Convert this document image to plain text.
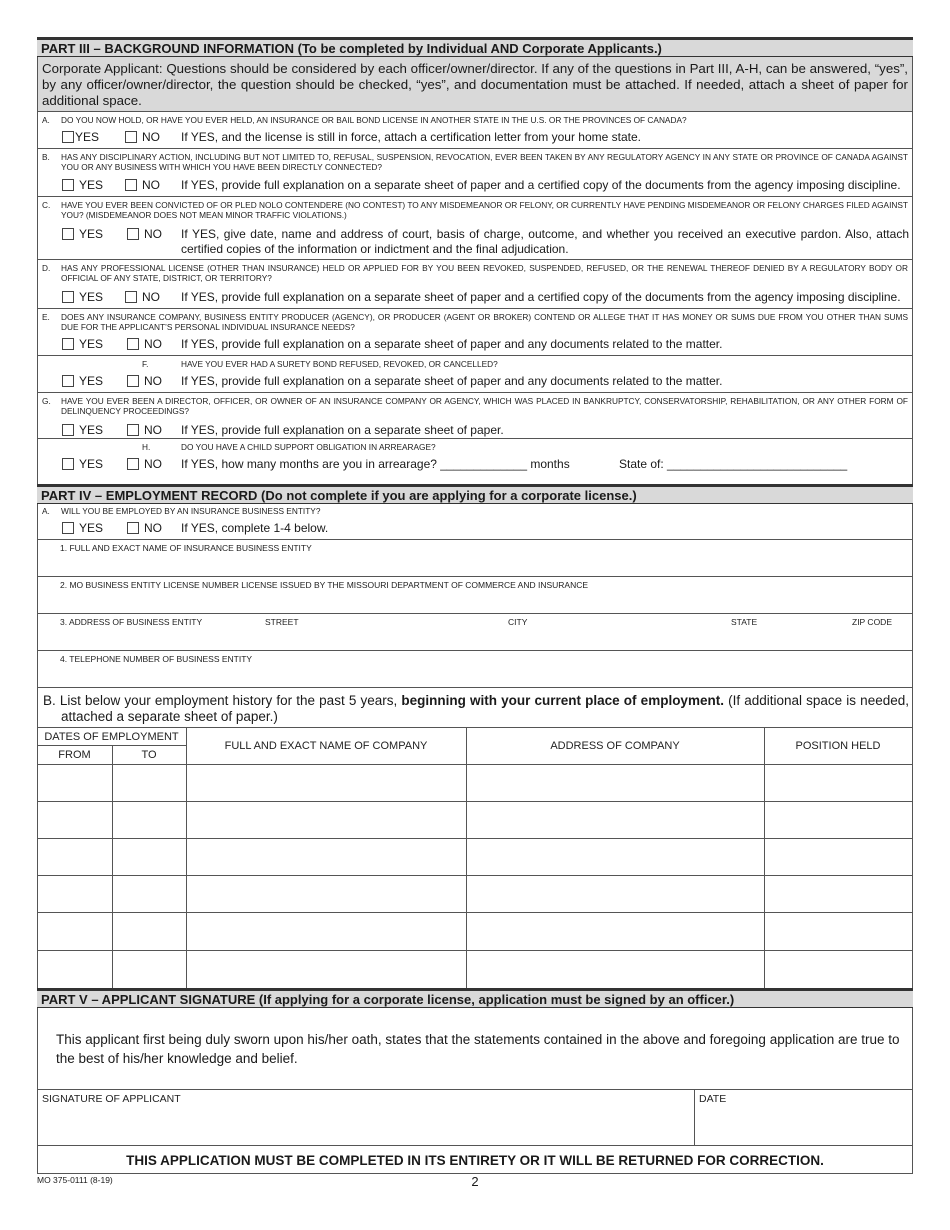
PART III – BACKGROUND INFORMATION (To be completed by Individual AND Corporate Applicants.)
Corporate Applicant: Questions should be considered by each officer/owner/director. If any of the questions in Part III, A-H, can be answered, “yes”, by any officer/owner/director, the question should be checked, “yes”, and documentation must be attached. If needed, attach a sheet of paper for additional space.
A. DO YOU NOW HOLD, OR HAVE YOU EVER HELD, AN INSURANCE OR BAIL BOND LICENSE IN ANOTHER STATE IN THE U.S. OR THE PROVINCES OF CANADA?
YES	NO If YES, and the license is still in force, attach a certification letter from your home state.
B. HAS ANY DISCIPLINARY ACTION, INCLUDING BUT NOT LIMITED TO, REFUSAL, SUSPENSION, REVOCATION, EVER BEEN TAKEN BY ANY REGULATORY AGENCY IN ANY STATE OR PROVINCE OF CANADA AGAINST YOU OR ANY BUSINESS WITH WHICH YOU HAVE BEEN DIRECTLY CONNECTED?
YES	NO If YES, provide full explanation on a separate sheet of paper and a certified copy of the documents from the agency imposing discipline.
C. HAVE YOU EVER BEEN CONVICTED OF OR PLED NOLO CONTENDERE (NO CONTEST) TO ANY MISDEMEANOR OR FELONY, OR CURRENTLY HAVE PENDING MISDEMEANOR OR FELONY CHARGES FILED AGAINST YOU? (MISDEMEANOR DOES NOT MEAN MINOR TRAFFIC VIOLATIONS.)
YES	NO If YES, give date, name and address of court, basis of charge, outcome, and whether you received an executive pardon. Also, attach certified copies of the information or indictment and the final adjudication.
D. HAS ANY PROFESSIONAL LICENSE (OTHER THAN INSURANCE) HELD OR APPLIED FOR BY YOU BEEN REVOKED, SUSPENDED, REFUSED, OR THE RENEWAL THEREOF DENIED BY A REGULATORY BODY OR OFFICIAL OF ANY STATE, DISTRICT, OR TERRITORY?
YES	NO If YES, provide full explanation on a separate sheet of paper and a certified copy of the documents from the agency imposing discipline.
E. DOES ANY INSURANCE COMPANY, BUSINESS ENTITY PRODUCER (AGENCY), OR PRODUCER (AGENT OR BROKER) CONTEND OR ALLEGE THAT IT HAS MONEY OR SUMS DUE FROM YOU OTHER THAN SUMS DUE FOR THE APPLICANT’S PERSONAL INDIVIDUAL INSURANCE NEEDS?
YES	NO If YES, provide full explanation on a separate sheet of paper and any documents related to the matter.
F.	HAVE YOU EVER HAD A SURETY BOND REFUSED, REVOKED, OR CANCELLED?
YES	NO If YES, provide full explanation on a separate sheet of paper and any documents related to the matter.
G. HAVE YOU EVER BEEN A DIRECTOR, OFFICER, OR OWNER OF AN INSURANCE COMPANY OR AGENCY, WHICH WAS PLACED IN BANKRUPTCY, CONSERVATORSHIP, REHABILITATION, OR ANY OTHER FORM OF DELINQUENCY PROCEEDINGS?
YES	NO If YES, provide full explanation on a separate sheet of paper.
H.	DO YOU HAVE A CHILD SUPPORT OBLIGATION IN ARREARAGE?
YES	NO If YES, how many months are you in arrearage? _____________ months	State of: ___________________________
PART IV – EMPLOYMENT RECORD (Do not complete if you are applying for a corporate license.)
A. WILL YOU BE EMPLOYED BY AN INSURANCE BUSINESS ENTITY?
YES	NO If YES, complete 1-4 below.
1. FULL AND EXACT NAME OF INSURANCE BUSINESS ENTITY
2. MO BUSINESS ENTITY LICENSE NUMBER LICENSE ISSUED BY THE MISSOURI DEPARTMENT OF COMMERCE AND INSURANCE
3. ADDRESS OF BUSINESS ENTITY	STREET	CITY	STATE	ZIP CODE
4. TELEPHONE NUMBER OF BUSINESS ENTITY
B. List below your employment history for the past 5 years, beginning with your current place of employment. (If additional space is needed, attached a separate sheet of paper.)
DATES OF EMPLOYMENT
FROM	TO
FULL AND EXACT NAME OF COMPANY	ADDRESS OF COMPANY	POSITION HELD
PART V – APPLICANT SIGNATURE (If applying for a corporate license, application must be signed by an officer.)
This applicant first being duly sworn upon his/her oath, states that the statements contained in the above and foregoing application are true to the best of his/her knowledge and belief.
SIGNATURE OF APPLICANT	DATE
THIS APPLICATION MUST BE COMPLETED IN ITS ENTIRETY OR IT WILL BE RETURNED FOR CORRECTION.
MO 375-0111 (8-19)	2
